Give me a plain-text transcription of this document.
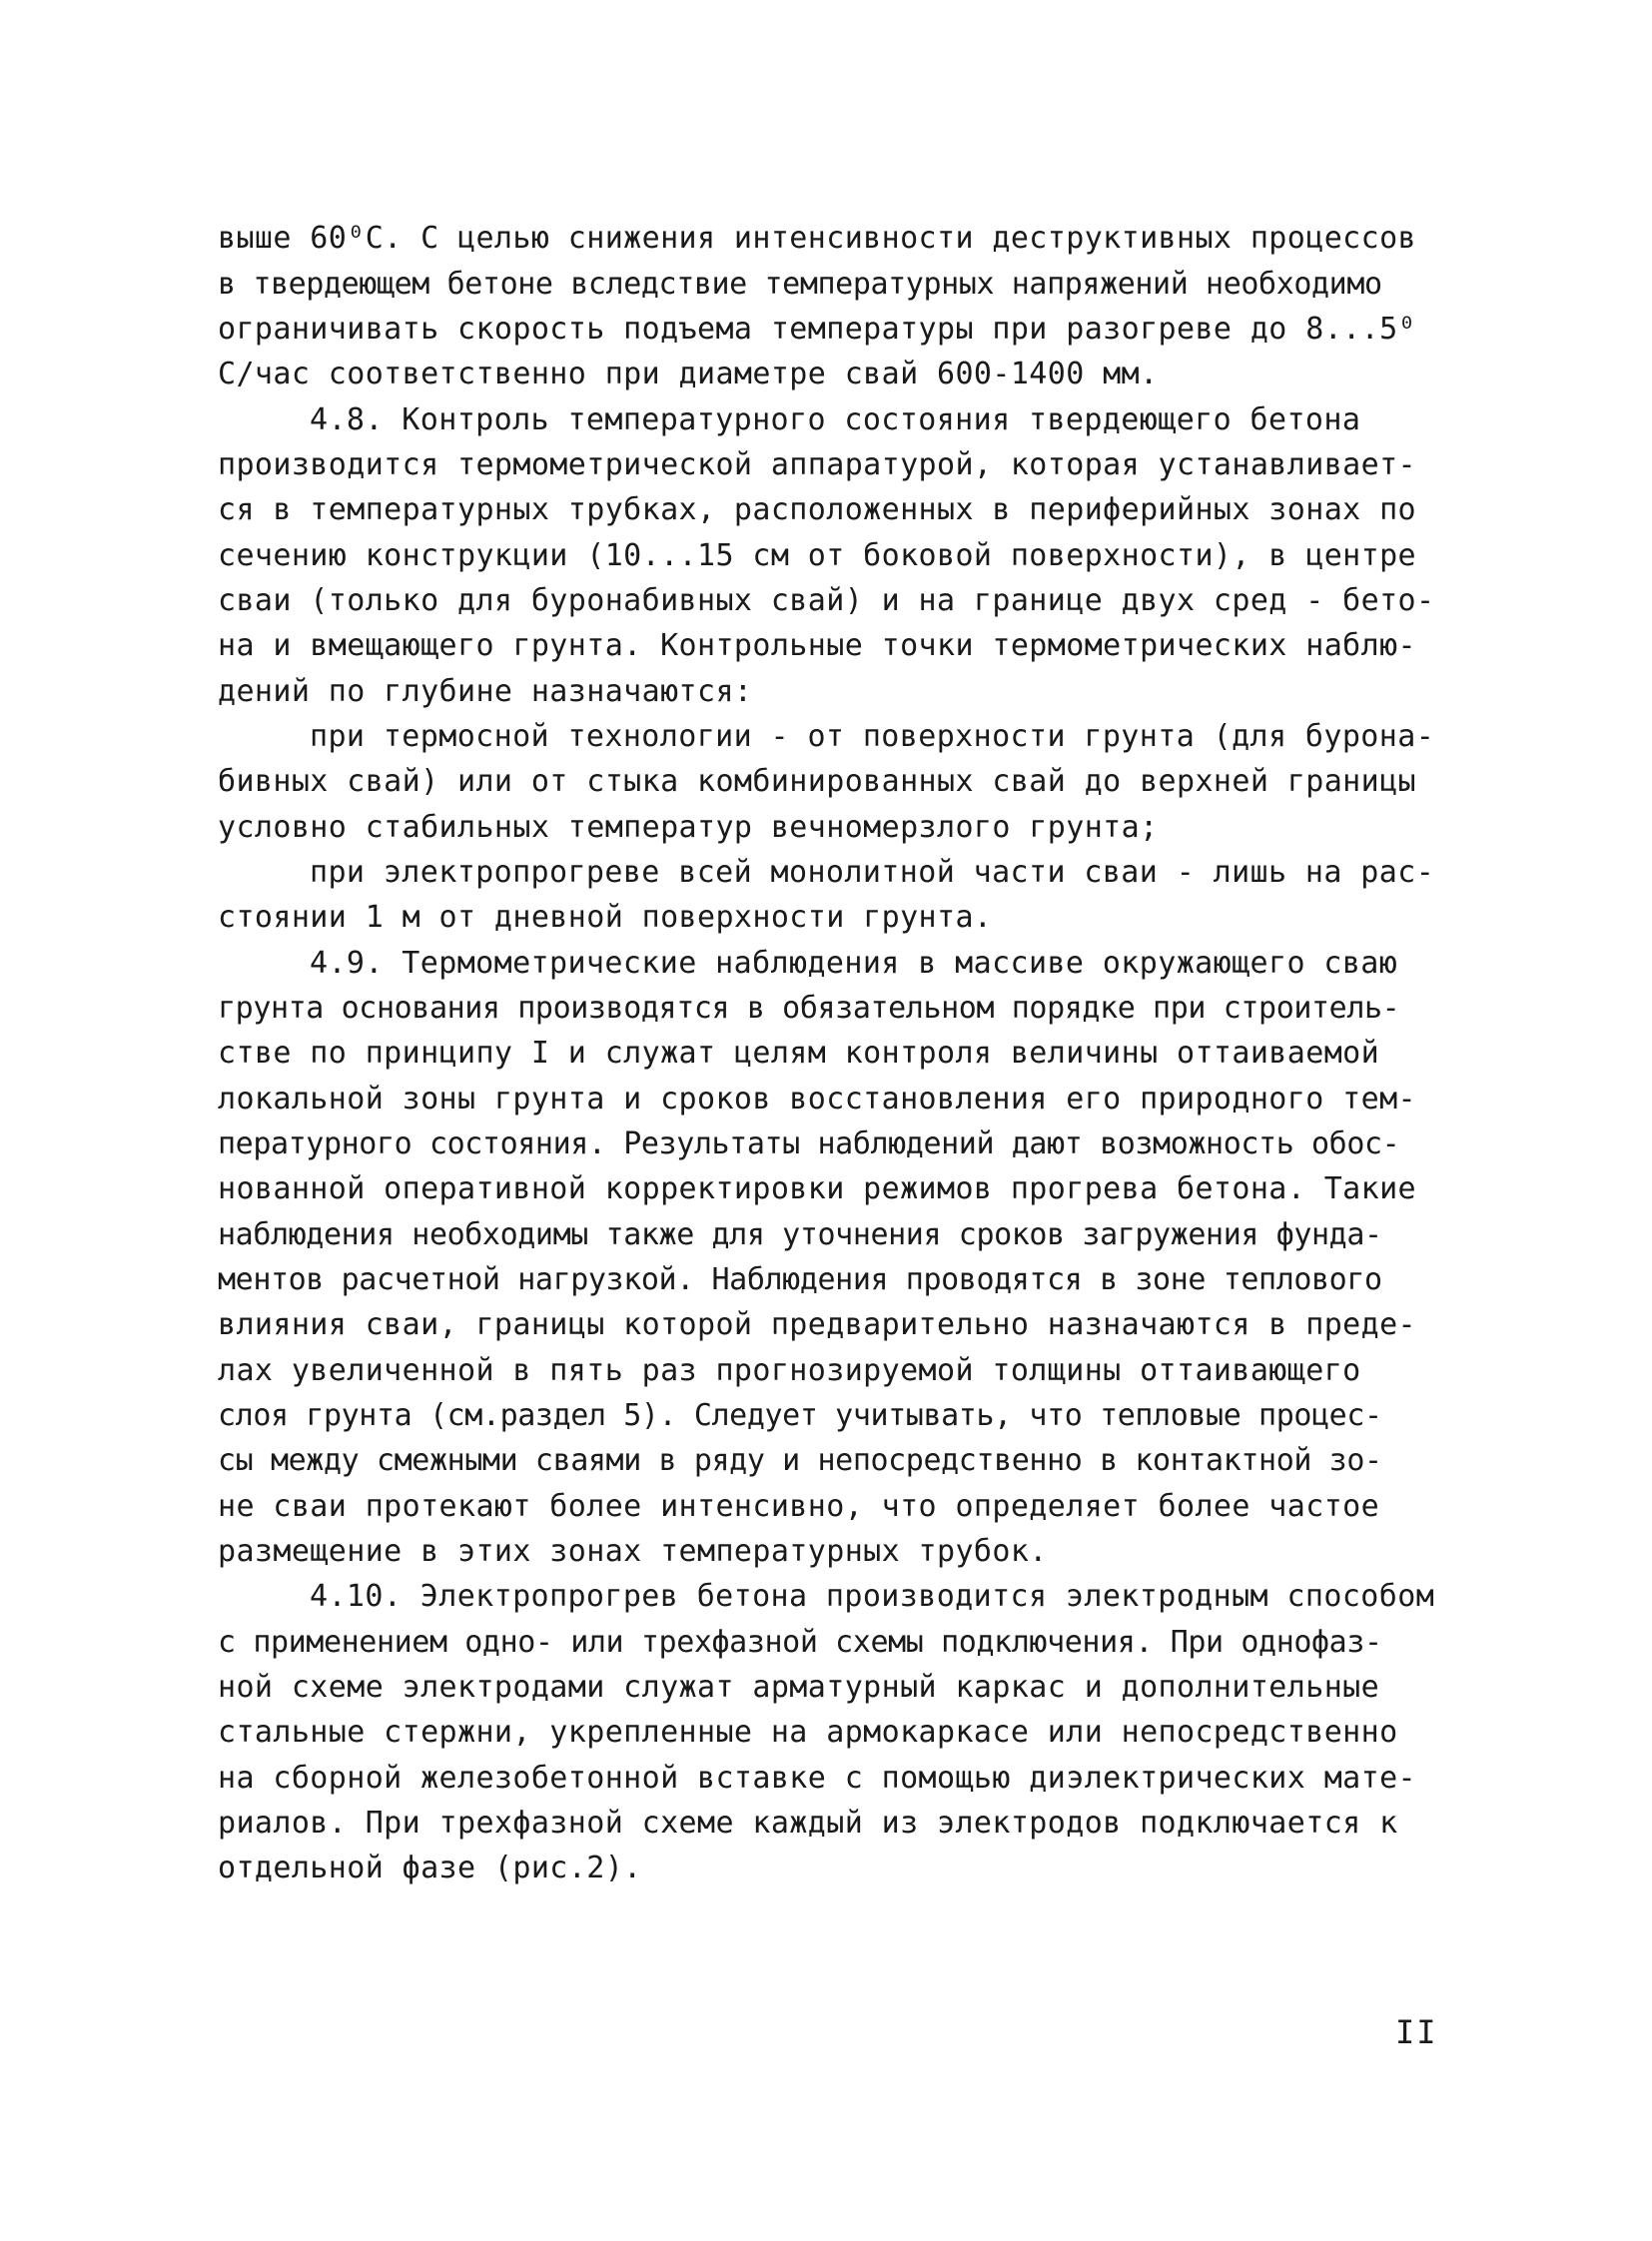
выше 60⁰С. С целью снижения интенсивности деструктивных процессов
в твердеющем бетоне вследствие температурных напряжений необходимо
ограничивать скорость подъема температуры при разогреве до 8...5⁰
С/час соответственно при диаметре свай 600-1400 мм.
4.8. Контроль температурного состояния твердеющего бетона
производится термометрической аппаратурой, которая устанавливает-
ся в температурных трубках, расположенных в периферийных зонах по
сечению конструкции (10...15 см от боковой поверхности), в центре
сваи (только для буронабивных свай) и на границе двух сред - бето-
на и вмещающего грунта. Контрольные точки термометрических наблю-
дений по глубине назначаются:
при термосной технологии - от поверхности грунта (для бурона-
бивных свай) или от стыка комбинированных свай до верхней границы
условно стабильных температур вечномерзлого грунта;
при электропрогреве всей монолитной части сваи - лишь на рас-
стоянии 1 м от дневной поверхности грунта.
4.9. Термометрические наблюдения в массиве окружающего сваю
грунта основания производятся в обязательном порядке при строитель-
стве по принципу I и служат целям контроля величины оттаиваемой
локальной зоны грунта и сроков восстановления его природного тем-
пературного состояния. Результаты наблюдений дают возможность обос-
нованной оперативной корректировки режимов прогрева бетона. Такие
наблюдения необходимы также для уточнения сроков загружения фунда-
ментов расчетной нагрузкой. Наблюдения проводятся в зоне теплового
влияния сваи, границы которой предварительно назначаются в преде-
лах увеличенной в пять раз прогнозируемой толщины оттаивающего
слоя грунта (см.раздел 5). Следует учитывать, что тепловые процес-
сы между смежными сваями в ряду и непосредственно в контактной зо-
не сваи протекают более интенсивно, что определяет более частое
размещение в этих зонах температурных трубок.
4.10. Электропрогрев бетона производится электродным способом
с применением одно- или трехфазной схемы подключения. При однофаз-
ной схеме электродами служат арматурный каркас и дополнительные
стальные стержни, укрепленные на армокаркасе или непосредственно
на сборной железобетонной вставке с помощью диэлектрических мате-
риалов. При трехфазной схеме каждый из электродов подключается к
отдельной фазе (рис.2).
II
